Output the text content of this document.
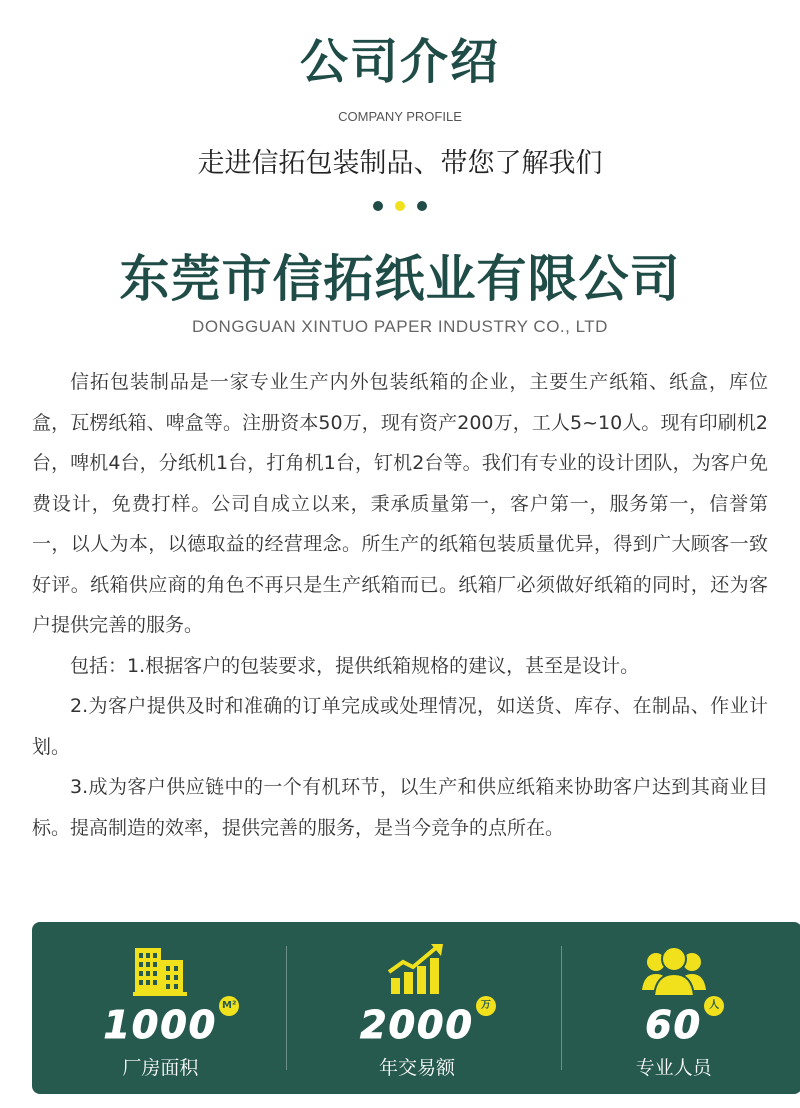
公司介绍
COMPANY PROFILE
走进信拓包装制品、带您了解我们
东莞市信拓纸业有限公司
DONGGUAN XINTUO PAPER INDUSTRY CO., LTD

信拓包装制品是一家专业生产内外包装纸箱的企业，主要生产纸箱、纸盒，库位盒，瓦楞纸箱、啤盒等。注册资本50万，现有资产200万，工人5~10人。现有印刷机2台，啤机4台，分纸机1台，打角机1台，钉机2台等。我们有专业的设计团队，为客户免费设计，免费打样。公司自成立以来，秉承质量第一，客户第一，服务第一，信誉第一，以人为本，以德取益的经营理念。所生产的纸箱包装质量优异，得到广大顾客一致好评。纸箱供应商的角色不再只是生产纸箱而已。纸箱厂必须做好纸箱的同时，还为客户提供完善的服务。

包括：1.根据客户的包装要求，提供纸箱规格的建议，甚至是设计。

2.为客户提供及时和准确的订单完成或处理情况，如送货、库存、在制品、作业计划。

3.成为客户供应链中的一个有机环节，以生产和供应纸箱来协助客户达到其商业目标。提高制造的效率，提供完善的服务，是当今竞争的点所在。

1000 M²
厂房面积
2000 万
年交易额
60 人
专业人员
